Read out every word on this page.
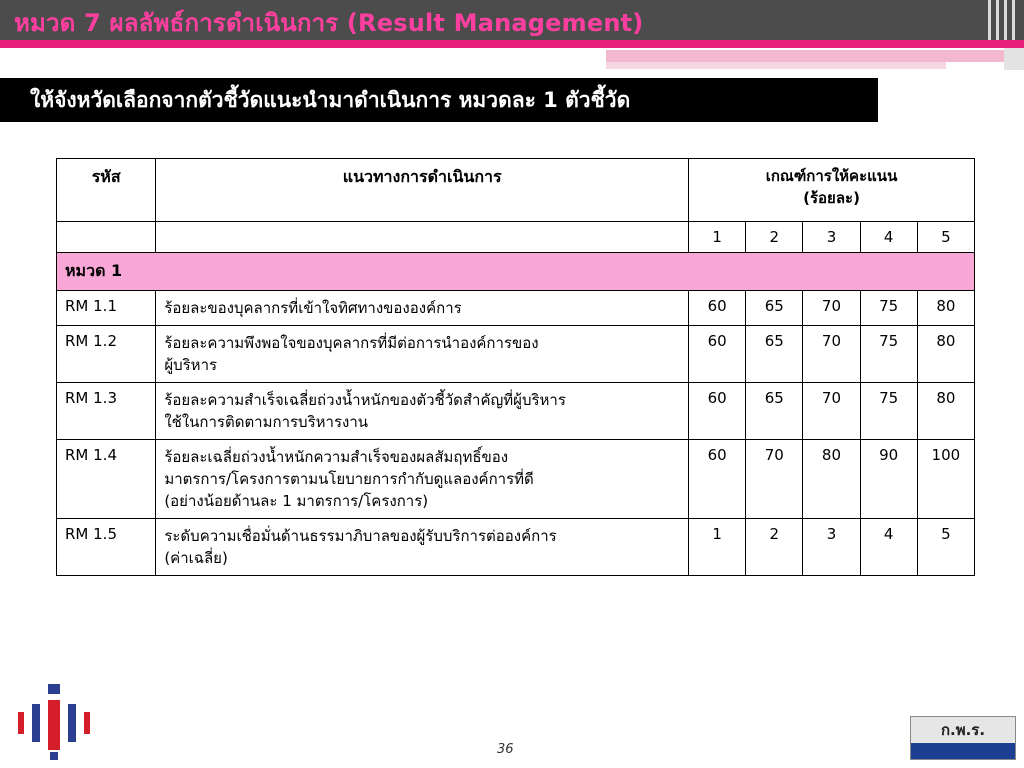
หมวด 7 ผลลัพธ์การดำเนินการ (Result Management)
ให้จังหวัดเลือกจากตัวชี้วัดแนะนำมาดำเนินการ หมวดละ 1 ตัวชี้วัด
รหัส	แนวทางการดำเนินการ	เกณฑ์การให้คะแนน
(ร้อยละ)				

		1	2	3	4	5
หมวด 1						
RM 1.1	ร้อยละของบุคลากรที่เข้าใจทิศทางขององค์การ	60	65	70	75	80
RM 1.2	ร้อยละความพึงพอใจของบุคลากรที่มีต่อการนำองค์การของ
ผู้บริหาร	60	65	70	75	80
RM 1.3	ร้อยละความสำเร็จเฉลี่ยถ่วงน้ำหนักของตัวชี้วัดสำคัญที่ผู้บริหาร
ใช้ในการติดตามการบริหารงาน	60	65	70	75	80
RM 1.4	ร้อยละเฉลี่ยถ่วงน้ำหนักความสำเร็จของผลสัมฤทธิ์ของ
มาตรการ/โครงการตามนโยบายการกำกับดูแลองค์การที่ดี
(อย่างน้อยด้านละ 1 มาตรการ/โครงการ)	60	70	80	90	100
RM 1.5	ระดับความเชื่อมั่นด้านธรรมาภิบาลของผู้รับบริการต่อองค์การ
(ค่าเฉลี่ย)	1	2	3	4	5
36
ก.พ.ร.
